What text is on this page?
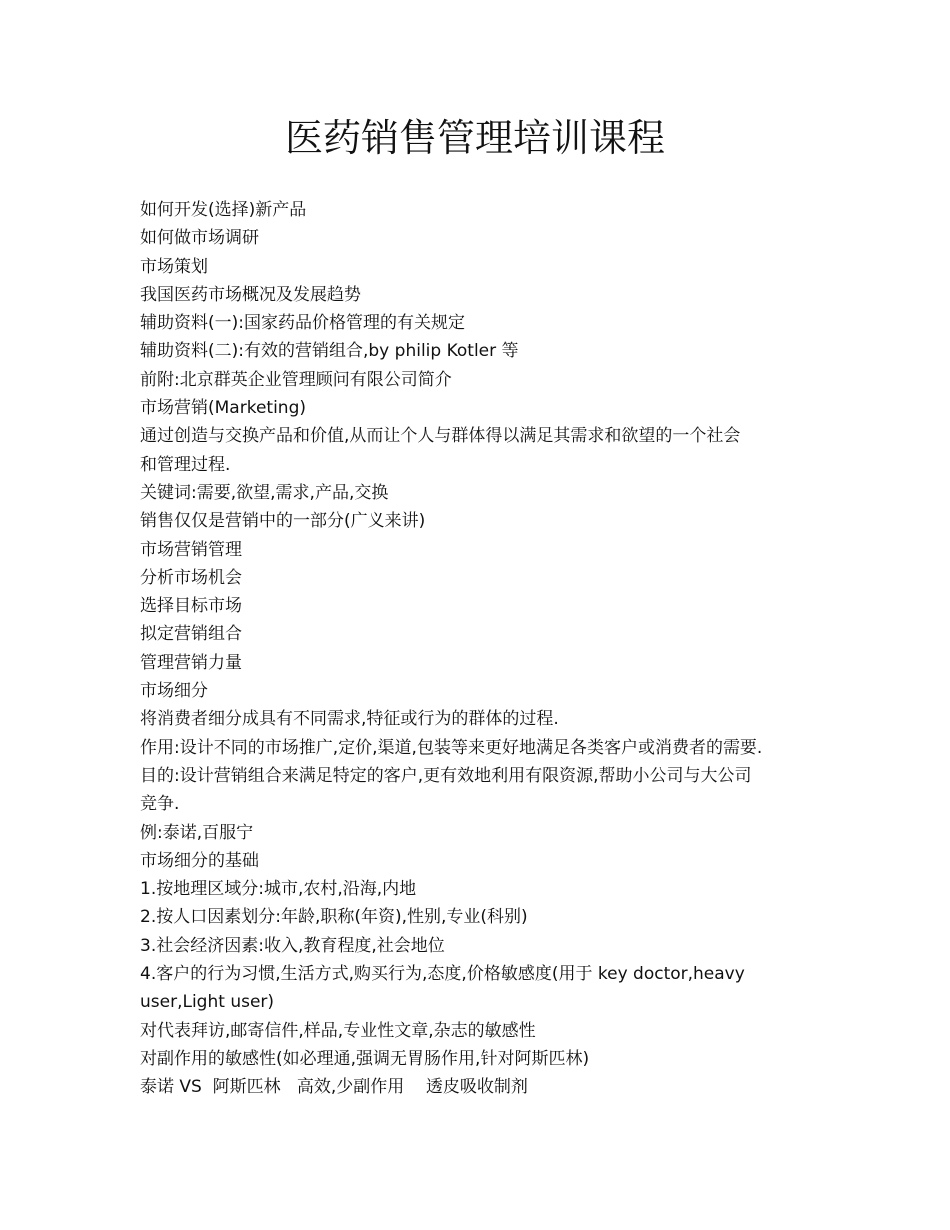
医药销售管理培训课程

如何开发(选择)新产品

如何做市场调研

市场策划

我国医药市场概况及发展趋势

辅助资料(一):国家药品价格管理的有关规定

辅助资料(二):有效的营销组合,by philip Kotler 等

前附:北京群英企业管理顾问有限公司简介

市场营销(Marketing)

通过创造与交换产品和价值,从而让个人与群体得以满足其需求和欲望的一个社会

和管理过程.

关键词:需要,欲望,需求,产品,交换

销售仅仅是营销中的一部分(广义来讲)

市场营销管理

分析市场机会

选择目标市场

拟定营销组合

管理营销力量

市场细分

将消费者细分成具有不同需求,特征或行为的群体的过程.

作用:设计不同的市场推广,定价,渠道,包装等来更好地满足各类客户或消费者的需要.

目的:设计营销组合来满足特定的客户,更有效地利用有限资源,帮助小公司与大公司

竞争.

例:泰诺,百服宁

市场细分的基础

1.按地理区域分:城市,农村,沿海,内地

2.按人口因素划分:年龄,职称(年资),性别,专业(科别)

3.社会经济因素:收入,教育程度,社会地位

4.客户的行为习惯,生活方式,购买行为,态度,价格敏感度(用于 key doctor,heavy

user,Light user)

对代表拜访,邮寄信件,样品,专业性文章,杂志的敏感性

对副作用的敏感性(如必理通,强调无胃肠作用,针对阿斯匹林)

泰诺 VS  阿斯匹林   高效,少副作用    透皮吸收制剂
